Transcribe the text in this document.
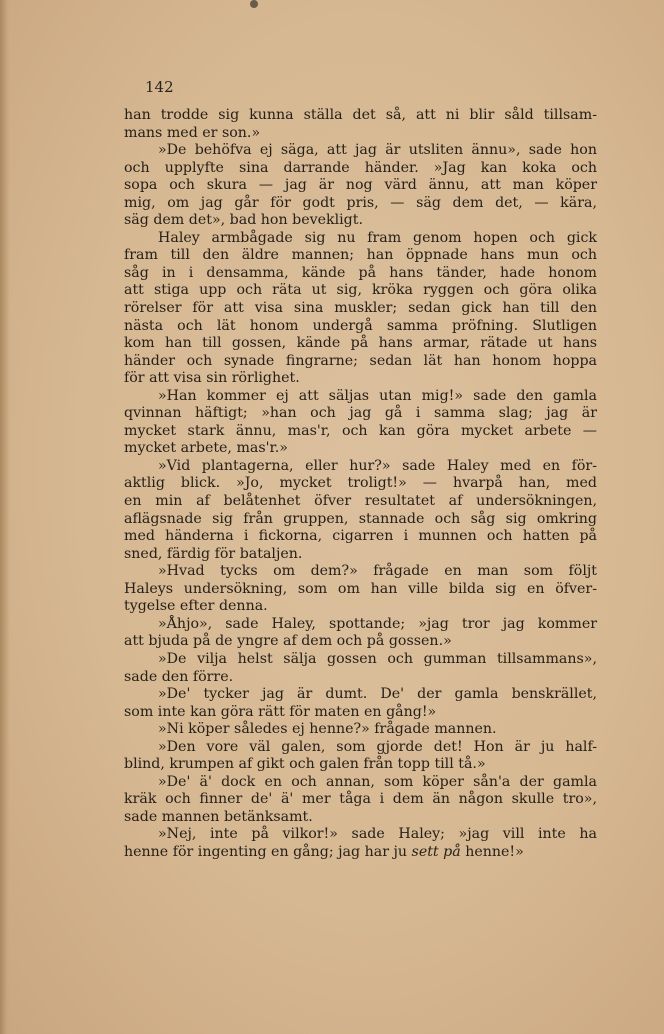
142
han trodde sig kunna ställa det så, att ni blir såld tillsam-
mans med er son.»
»De behöfva ej säga, att jag är utsliten ännu», sade hon
och upplyfte sina darrande händer. »Jag kan koka och
sopa och skura — jag är nog värd ännu, att man köper
mig, om jag går för godt pris, — säg dem det, — kära,
säg dem det», bad hon bevekligt.
Haley armbågade sig nu fram genom hopen och gick
fram till den äldre mannen; han öppnade hans mun och
såg in i densamma, kände på hans tänder, hade honom
att stiga upp och räta ut sig, kröka ryggen och göra olika
rörelser för att visa sina muskler; sedan gick han till den
nästa och lät honom undergå samma pröfning. Slutligen
kom han till gossen, kände på hans armar, rätade ut hans
händer och synade fingrarne; sedan lät han honom hoppa
för att visa sin rörlighet.
»Han kommer ej att säljas utan mig!» sade den gamla
qvinnan häftigt; »han och jag gå i samma slag; jag är
mycket stark ännu, mas'r, och kan göra mycket arbete —
mycket arbete, mas'r.»
»Vid plantagerna, eller hur?» sade Haley med en för-
aktlig blick. »Jo, mycket troligt!» — hvarpå han, med
en min af belåtenhet öfver resultatet af undersökningen,
aflägsnade sig från gruppen, stannade och såg sig omkring
med händerna i fickorna, cigarren i munnen och hatten på
sned, färdig för bataljen.
»Hvad tycks om dem?» frågade en man som följt
Haleys undersökning, som om han ville bilda sig en öfver-
tygelse efter denna.
»Åhjo», sade Haley, spottande; »jag tror jag kommer
att bjuda på de yngre af dem och på gossen.»
»De vilja helst sälja gossen och gumman tillsammans»,
sade den förre.
»De' tycker jag är dumt. De' der gamla benskrället,
som inte kan göra rätt för maten en gång!»
»Ni köper således ej henne?» frågade mannen.
»Den vore väl galen, som gjorde det! Hon är ju half-
blind, krumpen af gikt och galen från topp till tå.»
»De' ä' dock en och annan, som köper sån'a der gamla
kräk och finner de' ä' mer tåga i dem än någon skulle tro»,
sade mannen betänksamt.
»Nej, inte på vilkor!» sade Haley; »jag vill inte ha
henne för ingenting en gång; jag har ju sett på henne!»
